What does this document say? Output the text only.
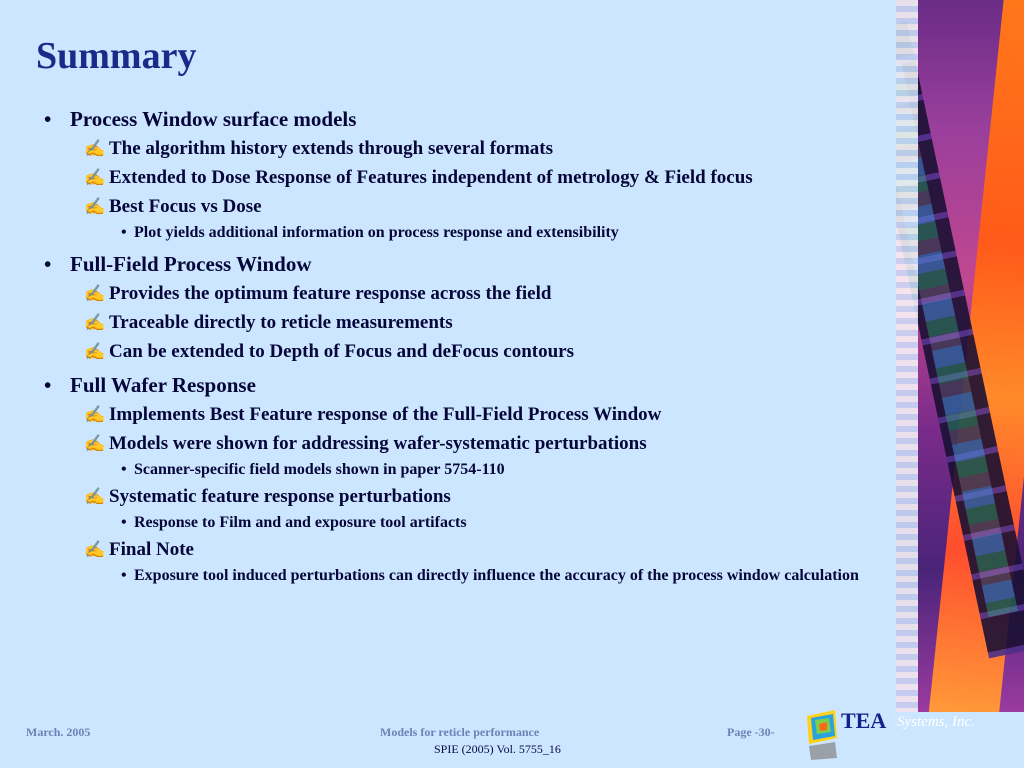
Summary
• Process Window surface models
✍ The algorithm history extends through several formats
✍ Extended to Dose Response of Features independent of metrology & Field focus
✍ Best Focus vs Dose
• Plot yields additional information on process response and extensibility
• Full-Field Process Window
✍ Provides the optimum feature response across the field
✍ Traceable directly to reticle measurements
✍ Can be extended to Depth of Focus and deFocus contours
• Full Wafer Response
✍ Implements Best Feature response of the Full-Field Process Window
✍ Models were shown for addressing wafer-systematic perturbations
• Scanner-specific field models shown in paper 5754-110
✍ Systematic feature response perturbations
• Response to Film and and exposure tool artifacts
✍ Final Note
• Exposure tool induced perturbations can directly influence the accuracy of the process window calculation
March. 2005	Models for reticle performance	Page -30-
SPIE (2005) Vol. 5755_16
TEA Systems, Inc.
